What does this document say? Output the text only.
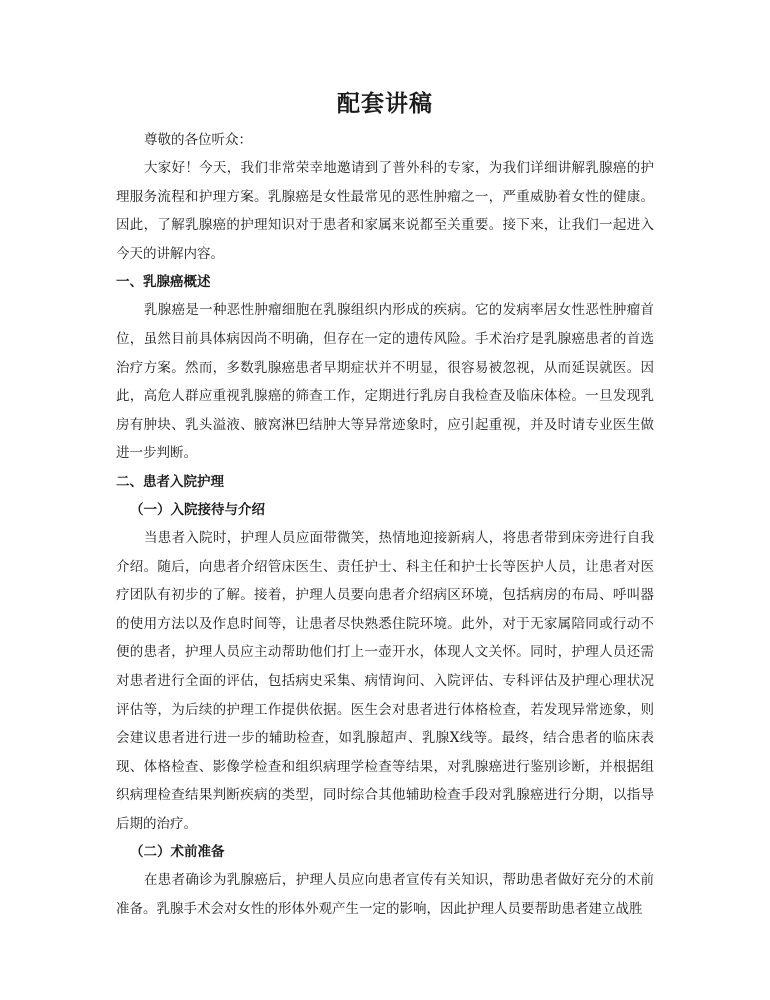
配套讲稿

尊敬的各位听众：

大家好！今天，我们非常荣幸地邀请到了普外科的专家，为我们详细讲解乳腺癌的护理服务流程和护理方案。乳腺癌是女性最常见的恶性肿瘤之一，严重威胁着女性的健康。因此，了解乳腺癌的护理知识对于患者和家属来说都至关重要。接下来，让我们一起进入今天的讲解内容。

一、乳腺癌概述

乳腺癌是一种恶性肿瘤细胞在乳腺组织内形成的疾病。它的发病率居女性恶性肿瘤首位，虽然目前具体病因尚不明确，但存在一定的遗传风险。手术治疗是乳腺癌患者的首选治疗方案。然而，多数乳腺癌患者早期症状并不明显，很容易被忽视，从而延误就医。因此，高危人群应重视乳腺癌的筛查工作，定期进行乳房自我检查及临床体检。一旦发现乳房有肿块、乳头溢液、腋窝淋巴结肿大等异常迹象时，应引起重视，并及时请专业医生做进一步判断。

二、患者入院护理

（一）入院接待与介绍

当患者入院时，护理人员应面带微笑，热情地迎接新病人，将患者带到床旁进行自我介绍。随后，向患者介绍管床医生、责任护士、科主任和护士长等医护人员，让患者对医疗团队有初步的了解。接着，护理人员要向患者介绍病区环境，包括病房的布局、呼叫器的使用方法以及作息时间等，让患者尽快熟悉住院环境。此外，对于无家属陪同或行动不便的患者，护理人员应主动帮助他们打上一壶开水，体现人文关怀。同时，护理人员还需对患者进行全面的评估，包括病史采集、病情询问、入院评估、专科评估及护理心理状况评估等，为后续的护理工作提供依据。医生会对患者进行体格检查，若发现异常迹象，则会建议患者进行进一步的辅助检查，如乳腺超声、乳腺X线等。最终，结合患者的临床表现、体格检查、影像学检查和组织病理学检查等结果，对乳腺癌进行鉴别诊断，并根据组织病理检查结果判断疾病的类型，同时综合其他辅助检查手段对乳腺癌进行分期，以指导后期的治疗。

（二）术前准备

在患者确诊为乳腺癌后，护理人员应向患者宣传有关知识，帮助患者做好充分的术前准备。乳腺手术会对女性的形体外观产生一定的影响，因此护理人员要帮助患者建立战胜
